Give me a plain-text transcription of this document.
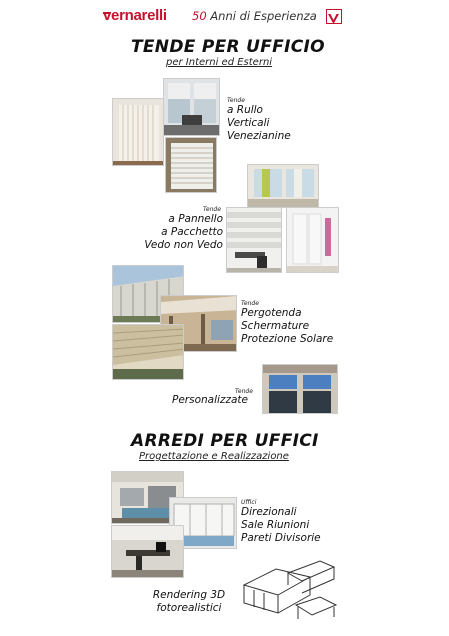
vernarelli 50 Anni di Esperienza
TENDE PER UFFICIO
per Interni ed Esterni
Tende
a Rullo
Verticali
Venezianine
Tende
a Pannello
a Pacchetto
Vedo non Vedo
Tende
Pergotenda
Schermature
Protezione Solare
Tende
Personalizzate
ARREDI PER UFFICI
Progettazione e Realizzazione
Uffici
Direzionali
Sale Riunioni
Pareti Divisorie
Rendering 3D
fotorealistici
